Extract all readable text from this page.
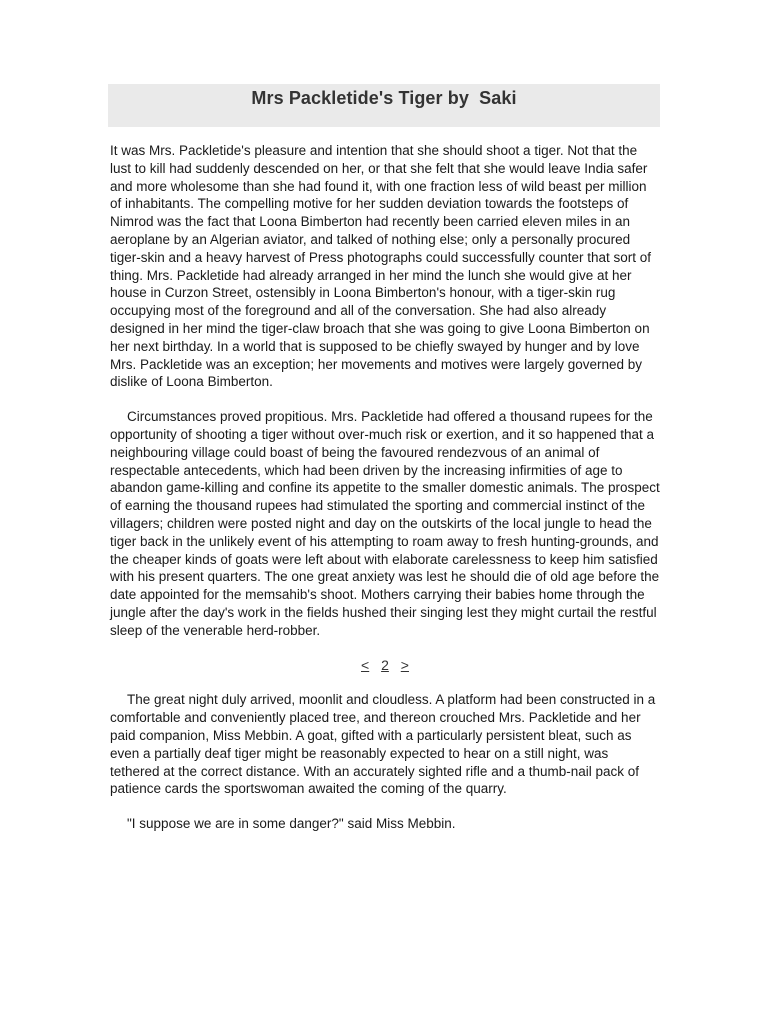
Mrs Packletide's Tiger by  Saki

It was Mrs. Packletide's pleasure and intention that she should shoot a tiger. Not that the lust to kill had suddenly descended on her, or that she felt that she would leave India safer and more wholesome than she had found it, with one fraction less of wild beast per million of inhabitants. The compelling motive for her sudden deviation towards the footsteps of Nimrod was the fact that Loona Bimberton had recently been carried eleven miles in an aeroplane by an Algerian aviator, and talked of nothing else; only a personally procured tiger-skin and a heavy harvest of Press photographs could successfully counter that sort of thing. Mrs. Packletide had already arranged in her mind the lunch she would give at her house in Curzon Street, ostensibly in Loona Bimberton's honour, with a tiger-skin rug occupying most of the foreground and all of the conversation. She had also already designed in her mind the tiger-claw broach that she was going to give Loona Bimberton on her next birthday. In a world that is supposed to be chiefly swayed by hunger and by love Mrs. Packletide was an exception; her movements and motives were largely governed by dislike of Loona Bimberton.

Circumstances proved propitious. Mrs. Packletide had offered a thousand rupees for the opportunity of shooting a tiger without over-much risk or exertion, and it so happened that a neighbouring village could boast of being the favoured rendezvous of an animal of respectable antecedents, which had been driven by the increasing infirmities of age to abandon game-killing and confine its appetite to the smaller domestic animals. The prospect of earning the thousand rupees had stimulated the sporting and commercial instinct of the villagers; children were posted night and day on the outskirts of the local jungle to head the tiger back in the unlikely event of his attempting to roam away to fresh hunting-grounds, and the cheaper kinds of goats were left about with elaborate carelessness to keep him satisfied with his present quarters. The one great anxiety was lest he should die of old age before the date appointed for the memsahib's shoot. Mothers carrying their babies home through the jungle after the day's work in the fields hushed their singing lest they might curtail the restful sleep of the venerable herd-robber.

< 2 >

The great night duly arrived, moonlit and cloudless. A platform had been constructed in a comfortable and conveniently placed tree, and thereon crouched Mrs. Packletide and her paid companion, Miss Mebbin. A goat, gifted with a particularly persistent bleat, such as even a partially deaf tiger might be reasonably expected to hear on a still night, was tethered at the correct distance. With an accurately sighted rifle and a thumb-nail pack of patience cards the sportswoman awaited the coming of the quarry.

"I suppose we are in some danger?" said Miss Mebbin.
